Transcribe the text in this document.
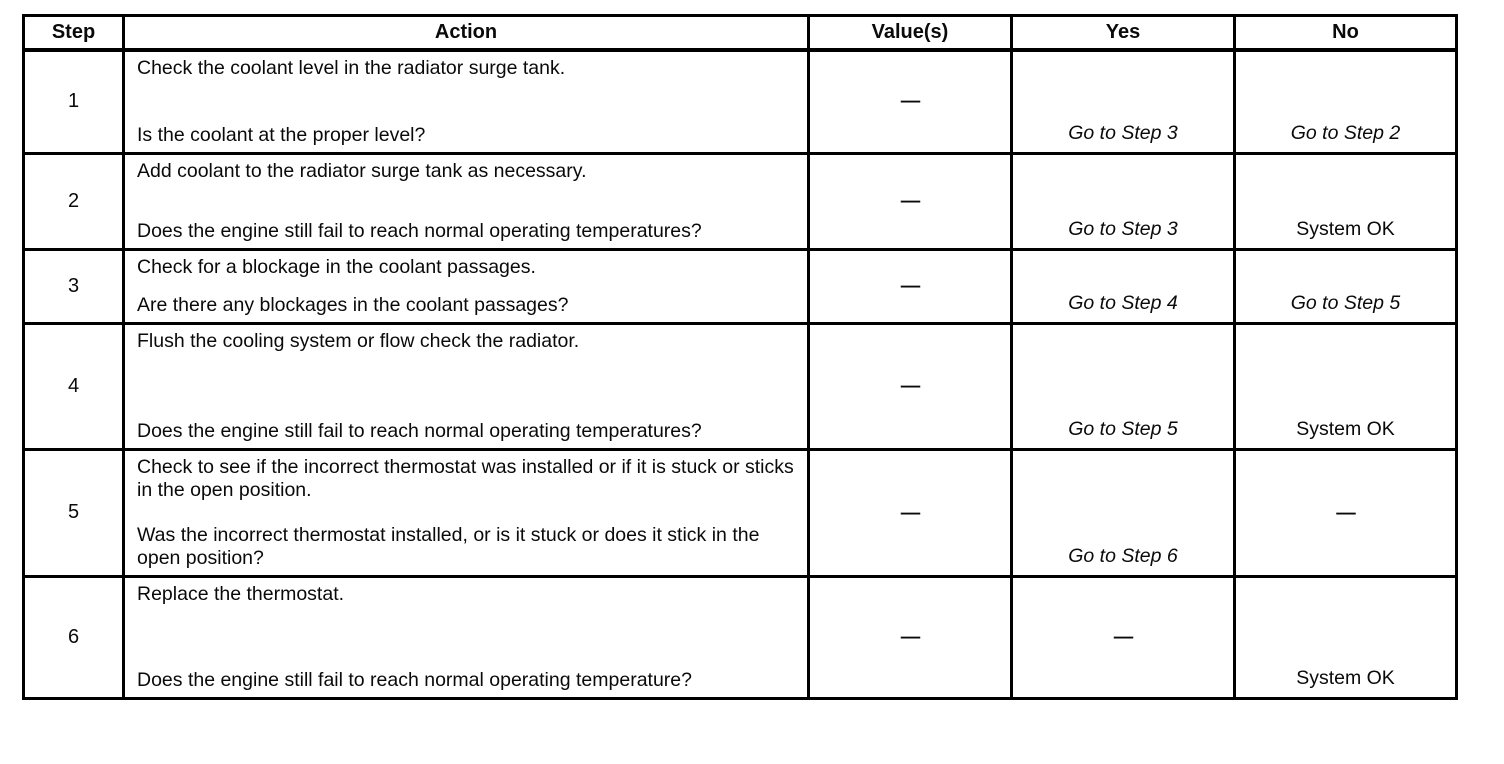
Step	Action	Value(s)	Yes	No
1	Check the coolant level in the radiator surge tank.
Is the coolant at the proper level?	—	Go to Step 3	Go to Step 2

2	Add coolant to the radiator surge tank as necessary.
Does the engine still fail to reach normal operating temperatures?	—	Go to Step 3	System OK

3	Check for a blockage in the coolant passages.
Are there any blockages in the coolant passages?	—	Go to Step 4	Go to Step 5

4	Flush the cooling system or flow check the radiator.
Does the engine still fail to reach normal operating temperatures?	—	Go to Step 5	System OK

5	Check to see if the incorrect thermostat was installed or if it is stuck or sticks in the open position.
Was the incorrect thermostat installed, or is it stuck or does it stick in the open position?	—	Go to Step 6	—

6	Replace the thermostat.
Does the engine still fail to reach normal operating temperature?	—	—	System OK
